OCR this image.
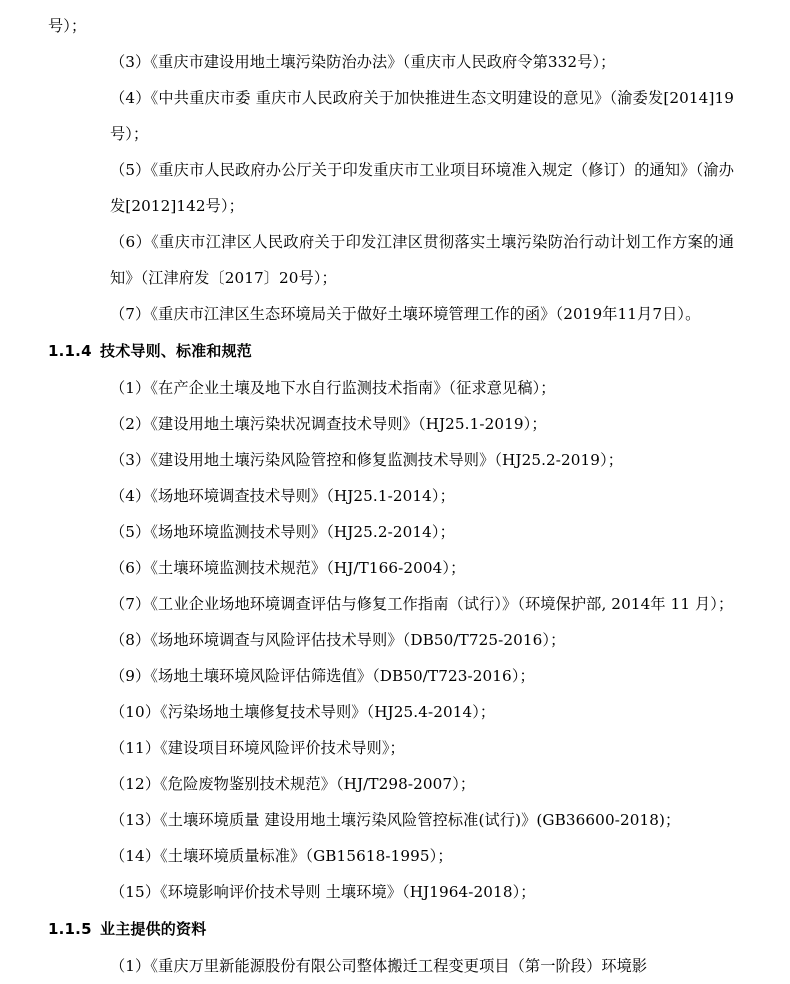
号）；

（3）《重庆市建设用地土壤污染防治办法》（重庆市人民政府令第332号）；

（4）《中共重庆市委 重庆市人民政府关于加快推进生态文明建设的意见》（渝委发[2014]19号）；

（5）《重庆市人民政府办公厅关于印发重庆市工业项目环境准入规定（修订）的通知》（渝办发[2012]142号）；

（6）《重庆市江津区人民政府关于印发江津区贯彻落实土壤污染防治行动计划工作方案的通知》（江津府发〔2017〕20号）；

（7）《重庆市江津区生态环境局关于做好土壤环境管理工作的函》（2019年11月7日）。

1.1.4 技术导则、标准和规范

（1）《在产企业土壤及地下水自行监测技术指南》（征求意见稿）；

（2）《建设用地土壤污染状况调查技术导则》（HJ25.1-2019）；

（3）《建设用地土壤污染风险管控和修复监测技术导则》（HJ25.2-2019）；

（4）《场地环境调查技术导则》（HJ25.1-2014）；

（5）《场地环境监测技术导则》（HJ25.2-2014）；

（6）《土壤环境监测技术规范》（HJ/T166-2004）；

（7）《工业企业场地环境调查评估与修复工作指南（试行）》（环境保护部, 2014年 11 月）；

（8）《场地环境调查与风险评估技术导则》（DB50/T725-2016）；

（9）《场地土壤环境风险评估筛选值》（DB50/T723-2016）；

（10）《污染场地土壤修复技术导则》（HJ25.4-2014）；

（11）《建设项目环境风险评价技术导则》；

（12）《危险废物鉴别技术规范》（HJ/T298-2007）；

（13）《土壤环境质量 建设用地土壤污染风险管控标准(试行)》(GB36600-2018)；

（14）《土壤环境质量标准》（GB15618-1995）；

（15）《环境影响评价技术导则 土壤环境》（HJ1964-2018）；

1.1.5 业主提供的资料

（1）《重庆万里新能源股份有限公司整体搬迁工程变更项目（第一阶段）环境影
